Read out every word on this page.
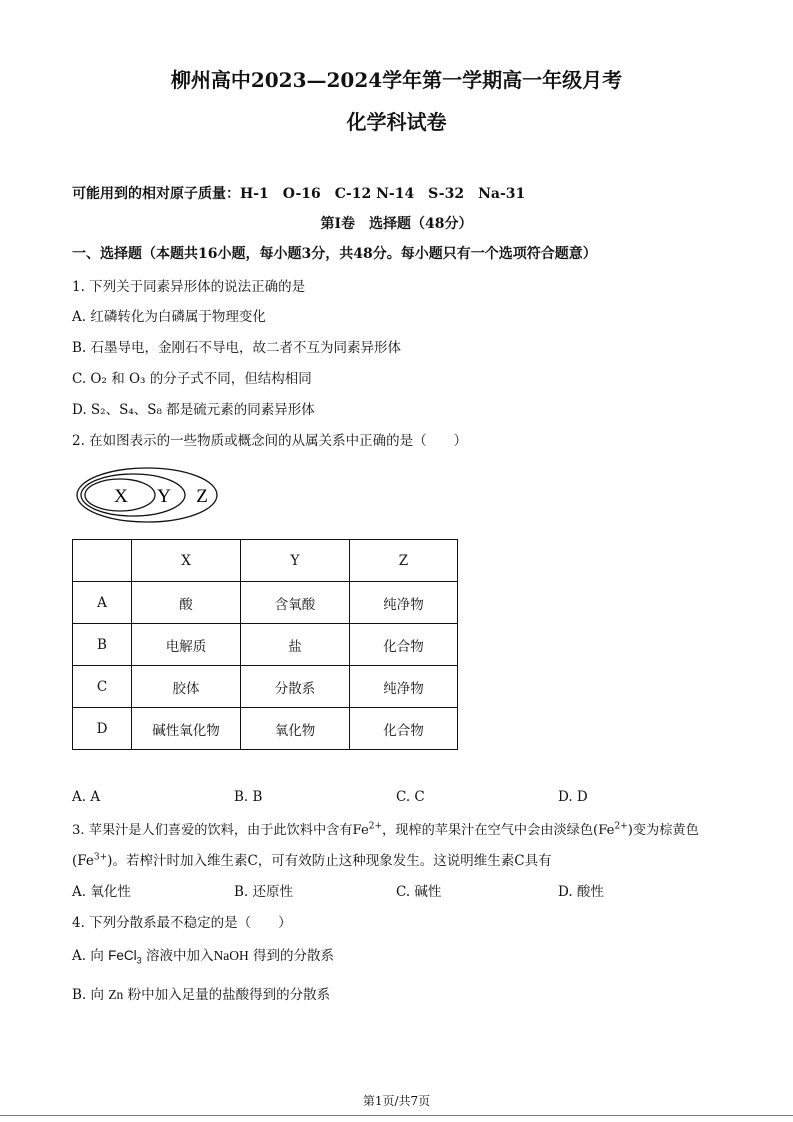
柳州高中2023—2024学年第一学期高一年级月考
化学科试卷
可能用到的相对原子质量：H-1　O-16　C-12 N-14　S-32　Na-31
第Ⅰ卷　选择题（48分）
一、选择题（本题共16小题，每小题3分，共48分。每小题只有一个选项符合题意）
1. 下列关于同素异形体的说法正确的是
A. 红磷转化为白磷属于物理变化
B. 石墨导电，金刚石不导电，故二者不互为同素异形体
C. O₂ 和 O₃ 的分子式不同，但结构相同
D. S₂、S₄、S₈ 都是硫元素的同素异形体
2. 在如图表示的一些物质或概念间的从属关系中正确的是（　　）
X Y Z
	X	Y	Z
A	酸	含氧酸	纯净物
B	电解质	盐	化合物
C	胶体	分散系	纯净物
D	碱性氧化物	氧化物	化合物
A. A	B. B	C. C	D. D
3. 苹果汁是人们喜爱的饮料，由于此饮料中含有$Fe^{2+}$，现榨的苹果汁在空气中会由淡绿色$(Fe^{2+})$变为棕黄色
$(Fe^{3+})$。若榨汁时加入维生素C，可有效防止这种现象发生。这说明维生素C具有
A. 氧化性	B. 还原性	C. 碱性	D. 酸性
4. 下列分散系最不稳定的是（　　）
A. 向 FeCl$_3$ 溶液中加入NaOH 得到的分散系
B. 向 Zn 粉中加入足量的盐酸得到的分散系
第1页/共7页
